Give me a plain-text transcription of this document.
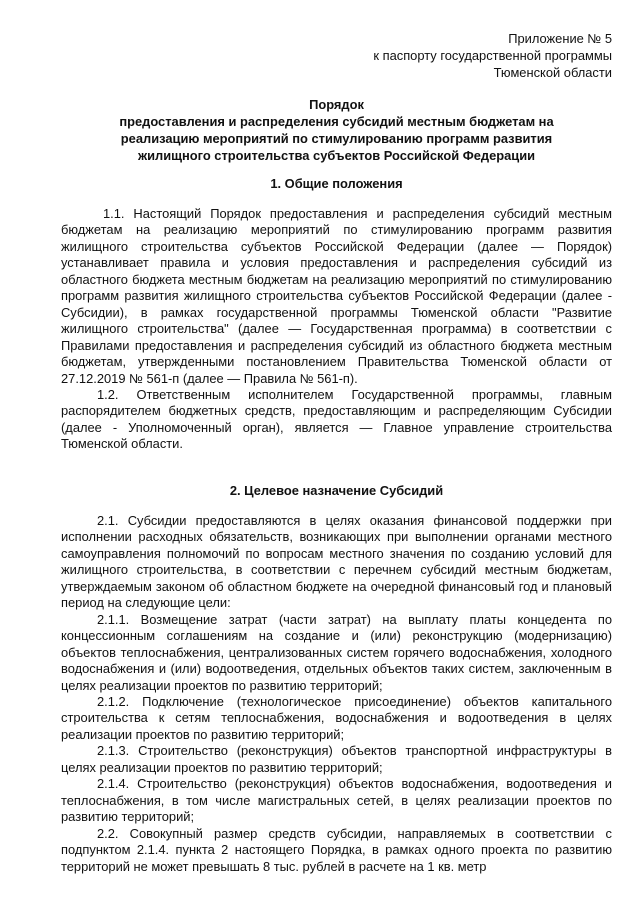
Приложение № 5
к паспорту государственной программы
Тюменской области
Порядок
предоставления и распределения субсидий местным бюджетам на
реализацию мероприятий по стимулированию программ развития
жилищного строительства субъектов Российской Федерации
1. Общие положения

1.1. Настоящий Порядок предоставления и распределения субсидий местным бюджетам на реализацию мероприятий по стимулированию программ развития жилищного строительства субъектов Российской Федерации (далее — Порядок) устанавливает правила и условия предоставления и распределения субсидий из областного бюджета местным бюджетам на реализацию мероприятий по стимулированию программ развития жилищного строительства субъектов Российской Федерации (далее - Субсидии), в рамках государственной программы Тюменской области "Развитие жилищного строительства" (далее — Государственная программа) в соответствии с Правилами предоставления и распределения субсидий из областного бюджета местным бюджетам, утвержденными постановлением Правительства Тюменской области от 27.12.2019 № 561-п (далее — Правила № 561-п).

1.2. Ответственным исполнителем Государственной программы, главным распорядителем бюджетных средств, предоставляющим и распределяющим Субсидии (далее - Уполномоченный орган), является — Главное управление строительства Тюменской области.

2. Целевое назначение Субсидий

2.1. Субсидии предоставляются в целях оказания финансовой поддержки при исполнении расходных обязательств, возникающих при выполнении органами местного самоуправления полномочий по вопросам местного значения по созданию условий для жилищного строительства, в соответствии с перечнем субсидий местным бюджетам, утверждаемым законом об областном бюджете на очередной финансовый год и плановый период на следующие цели:

2.1.1. Возмещение затрат (части затрат) на выплату платы концедента по концессионным соглашениям на создание и (или) реконструкцию (модернизацию) объектов теплоснабжения, централизованных систем горячего водоснабжения, холодного водоснабжения и (или) водоотведения, отдельных объектов таких систем, заключенным в целях реализации проектов по развитию территорий;

2.1.2. Подключение (технологическое присоединение) объектов капитального строительства к сетям теплоснабжения, водоснабжения и водоотведения в целях реализации проектов по развитию территорий;

2.1.3. Строительство (реконструкция) объектов транспортной инфраструктуры в целях реализации проектов по развитию территорий;

2.1.4. Строительство (реконструкция) объектов водоснабжения, водоотведения и теплоснабжения, в том числе магистральных сетей, в целях реализации проектов по развитию территорий;

2.2. Совокупный размер средств субсидии, направляемых в соответствии с подпунктом 2.1.4. пункта 2 настоящего Порядка, в рамках одного проекта по развитию территорий не может превышать 8 тыс. рублей в расчете на 1 кв. метр
